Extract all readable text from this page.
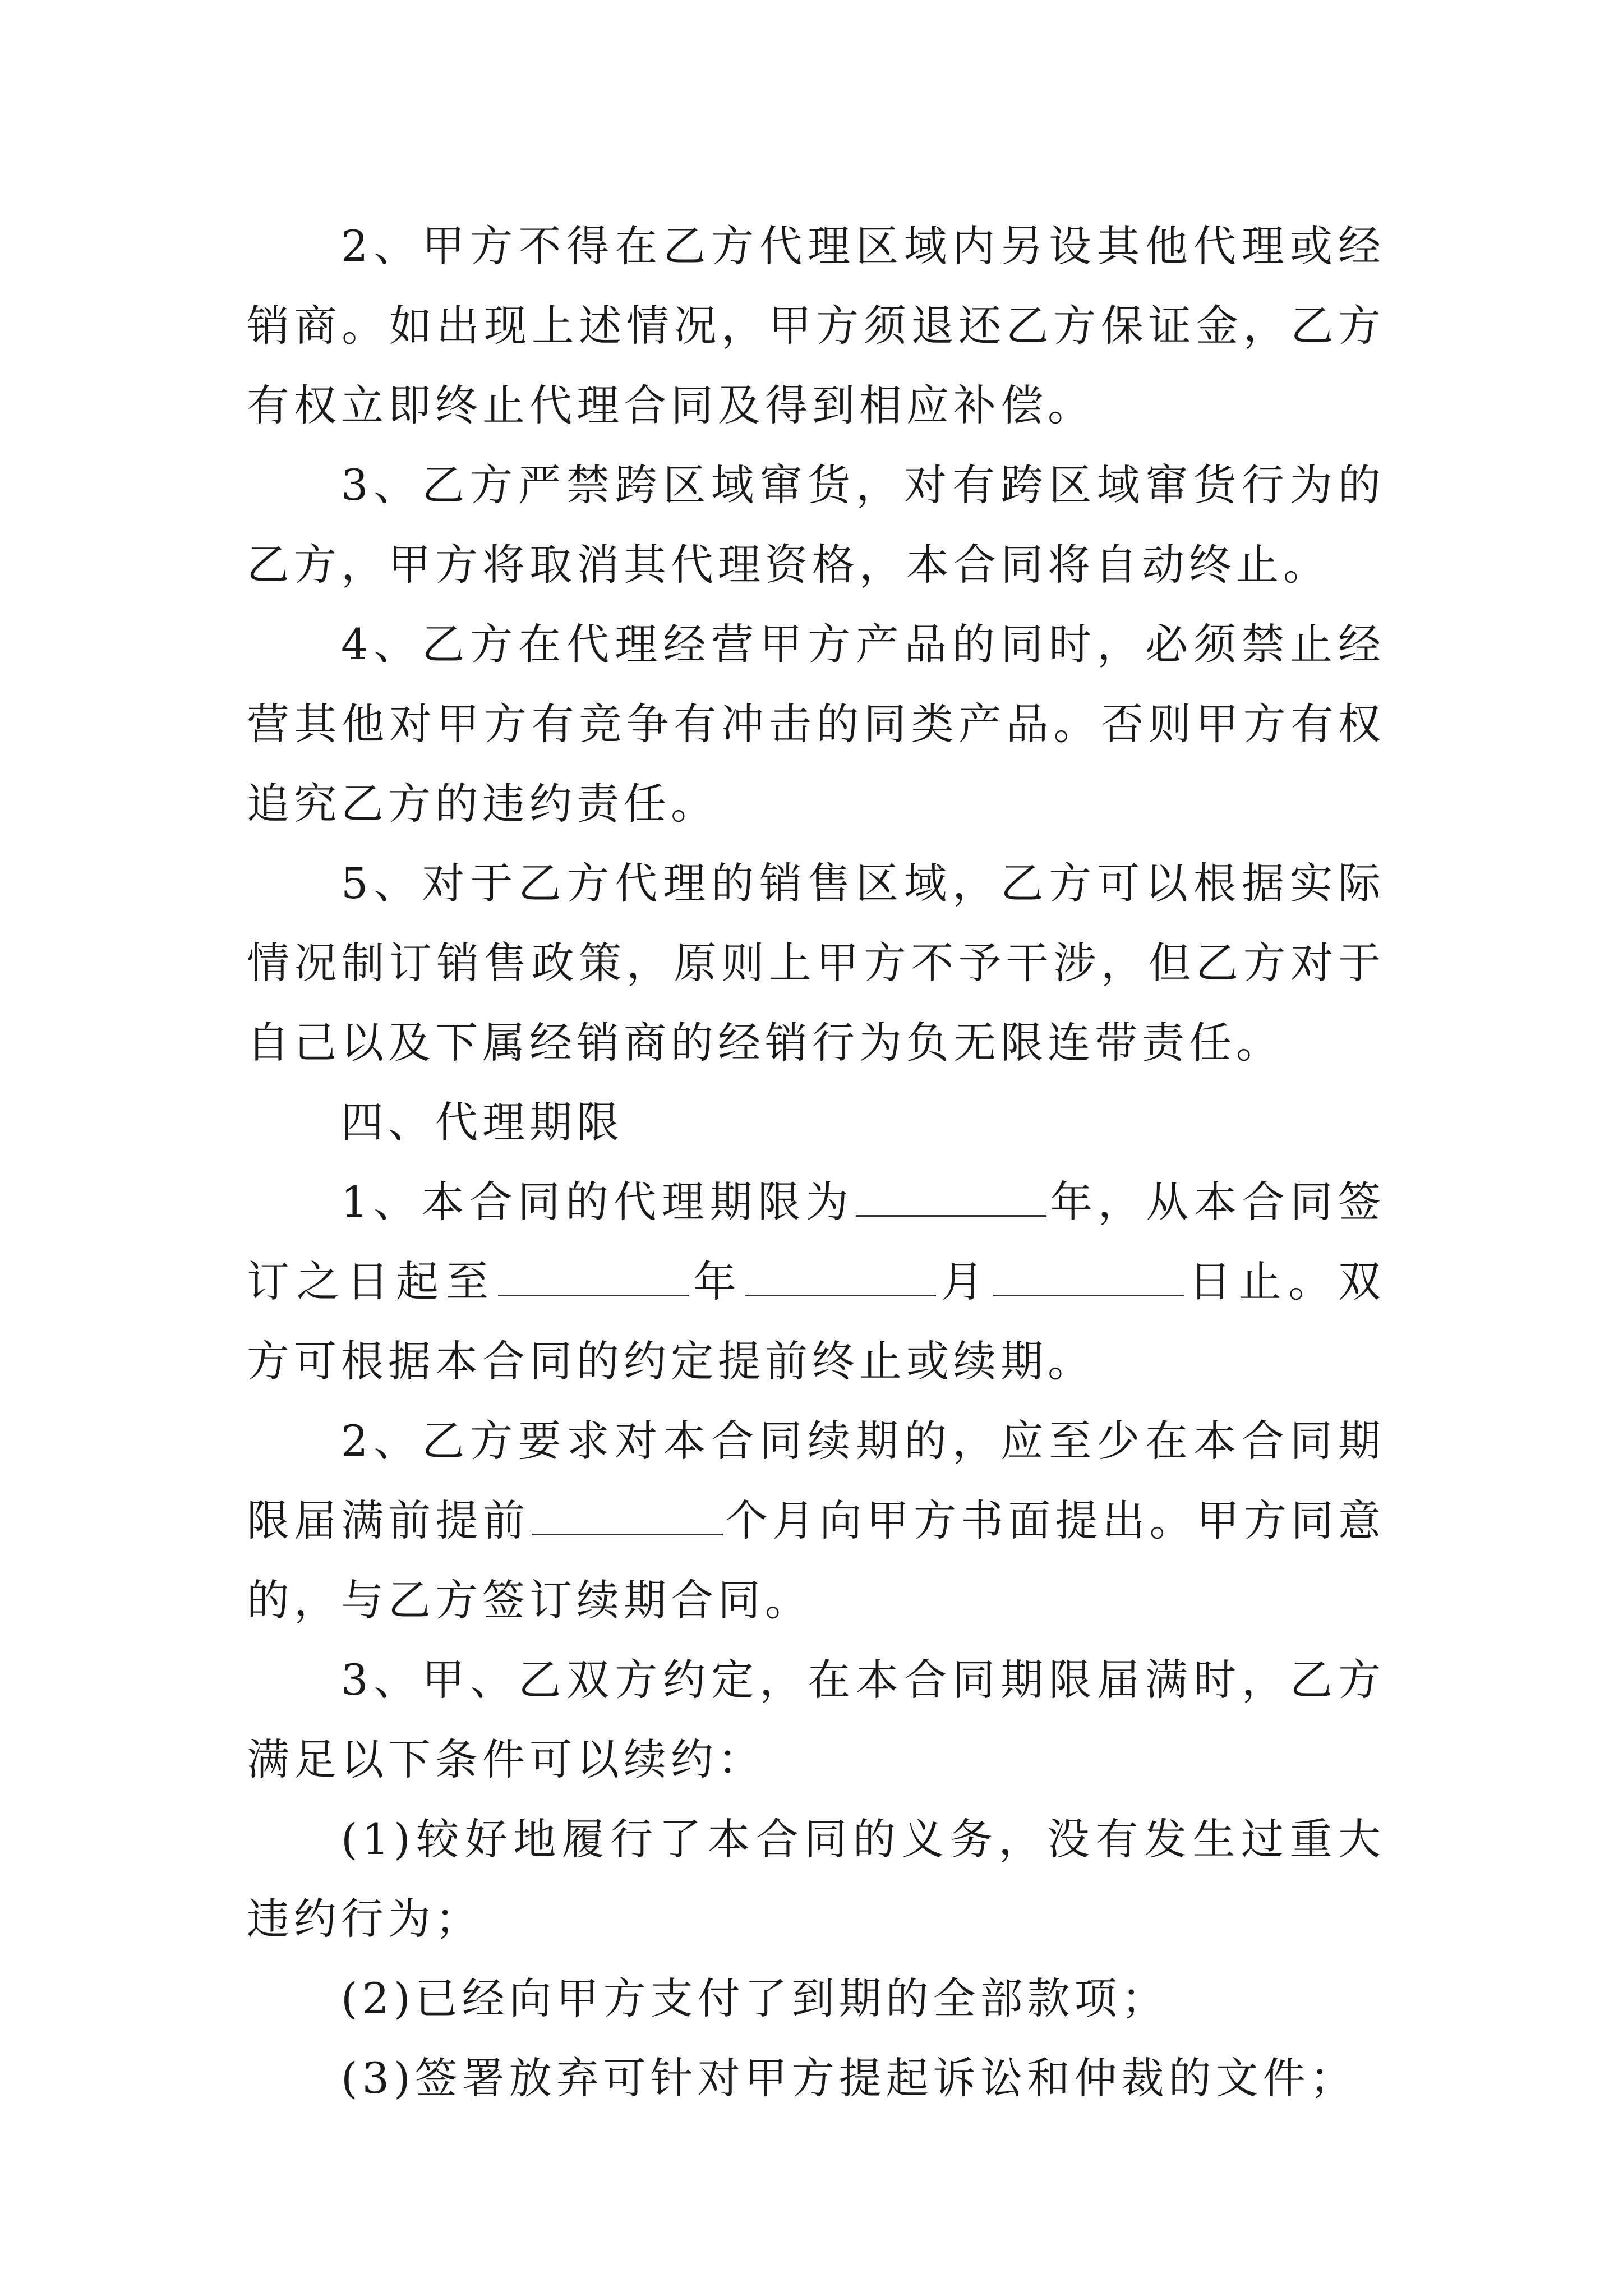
2、甲方不得在乙方代理区域内另设其他代理或经销商。如出现上述情况，甲方须退还乙方保证金，乙方有权立即终止代理合同及得到相应补偿。

3、乙方严禁跨区域窜货，对有跨区域窜货行为的乙方，甲方将取消其代理资格，本合同将自动终止。

4、乙方在代理经营甲方产品的同时，必须禁止经营其他对甲方有竞争有冲击的同类产品。否则甲方有权追究乙方的违约责任。

5、对于乙方代理的销售区域，乙方可以根据实际情况制订销售政策，原则上甲方不予干涉，但乙方对于自己以及下属经销商的经销行为负无限连带责任。

四、代理期限

1、本合同的代理期限为	年，从本合同签订之日起至	年	月	日止。双方可根据本合同的约定提前终止或续期。

2、乙方要求对本合同续期的，应至少在本合同期限届满前提前	个月向甲方书面提出。甲方同意的，与乙方签订续期合同。

3、甲、乙双方约定，在本合同期限届满时，乙方满足以下条件可以续约：

(1)较好地履行了本合同的义务，没有发生过重大违约行为；

(2)已经向甲方支付了到期的全部款项；

(3)签署放弃可针对甲方提起诉讼和仲裁的文件；
